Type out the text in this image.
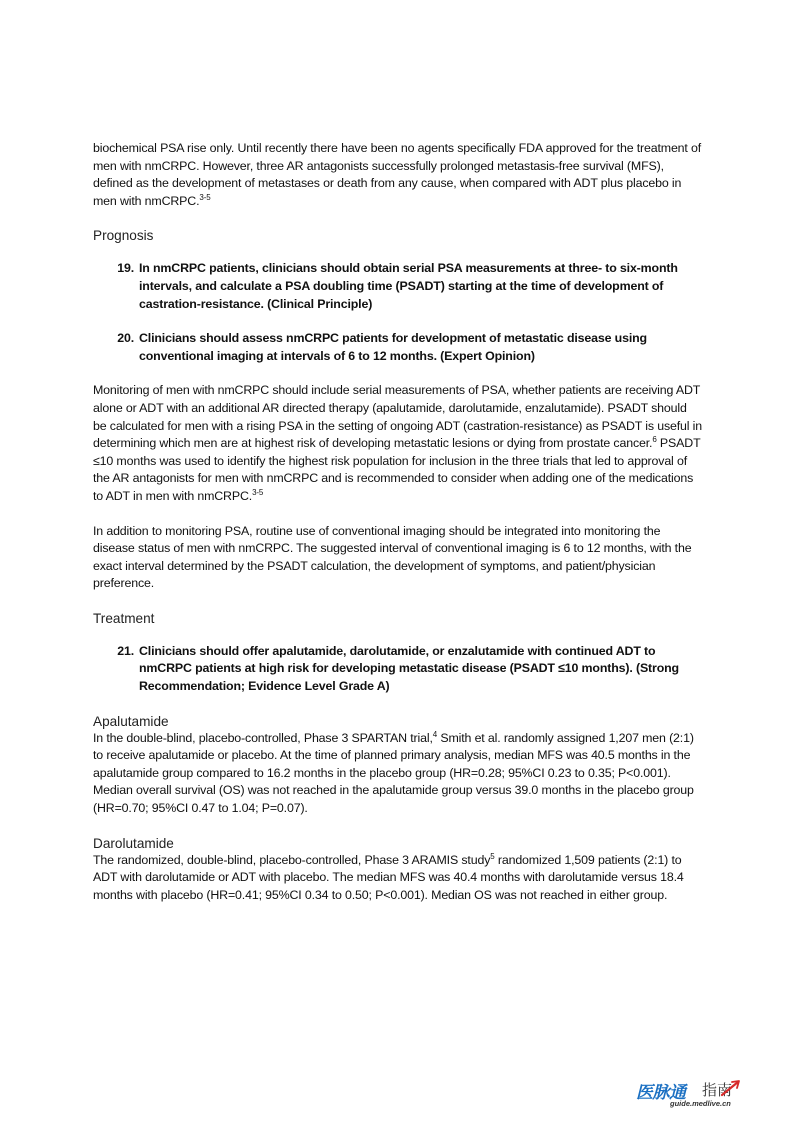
biochemical PSA rise only. Until recently there have been no agents specifically FDA approved for the treatment of men with nmCRPC. However, three AR antagonists successfully prolonged metastasis-free survival (MFS), defined as the development of metastases or death from any cause, when compared with ADT plus placebo in men with nmCRPC.$^{3-5}$

Prognosis
19. In nmCRPC patients, clinicians should obtain serial PSA measurements at three- to six-month intervals, and calculate a PSA doubling time (PSADT) starting at the time of development of castration-resistance. (Clinical Principle)
20. Clinicians should assess nmCRPC patients for development of metastatic disease using conventional imaging at intervals of 6 to 12 months. (Expert Opinion)

Monitoring of men with nmCRPC should include serial measurements of PSA, whether patients are receiving ADT alone or ADT with an additional AR directed therapy (apalutamide, darolutamide, enzalutamide). PSADT should be calculated for men with a rising PSA in the setting of ongoing ADT (castration-resistance) as PSADT is useful in determining which men are at highest risk of developing metastatic lesions or dying from prostate cancer.$^6$ PSADT ≤10 months was used to identify the highest risk population for inclusion in the three trials that led to approval of the AR antagonists for men with nmCRPC and is recommended to consider when adding one of the medications to ADT in men with nmCRPC.$^{3-5}$

In addition to monitoring PSA, routine use of conventional imaging should be integrated into monitoring the disease status of men with nmCRPC. The suggested interval of conventional imaging is 6 to 12 months, with the exact interval determined by the PSADT calculation, the development of symptoms, and patient/physician preference.

Treatment
21. Clinicians should offer apalutamide, darolutamide, or enzalutamide with continued ADT to nmCRPC patients at high risk for developing metastatic disease (PSADT ≤10 months). (Strong Recommendation; Evidence Level Grade A)
Apalutamide

In the double-blind, placebo-controlled, Phase 3 SPARTAN trial,$^4$ Smith et al. randomly assigned 1,207 men (2:1) to receive apalutamide or placebo. At the time of planned primary analysis, median MFS was 40.5 months in the apalutamide group compared to 16.2 months in the placebo group (HR=0.28; 95%CI 0.23 to 0.35; P<0.001). Median overall survival (OS) was not reached in the apalutamide group versus 39.0 months in the placebo group (HR=0.70; 95%CI 0.47 to 1.04; P=0.07).

Darolutamide

The randomized, double-blind, placebo-controlled, Phase 3 ARAMIS study$^5$ randomized 1,509 patients (2:1) to ADT with darolutamide or ADT with placebo. The median MFS was 40.4 months with darolutamide versus 18.4 months with placebo (HR=0.41; 95%CI 0.34 to 0.50; P<0.001). Median OS was not reached in either group.

医脉通 指南
guide.medlive.cn
